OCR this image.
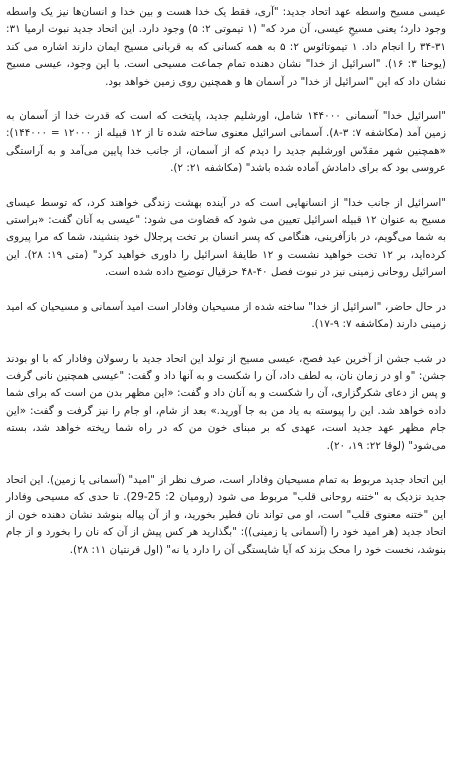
عیسی مسیح واسطه عهد اتحاد جدید: "آری، فقط یک خدا هست و بین خدا و انسان‌ها نیز یک واسطه وجود دارد؛ یعنی مسیحِ عیسی، آن مرد که" (۱ تیموتی ۲: ۵) وجود دارد. این اتحاد جدید نبوت ارمیا ۳۱: ۳۱-۳۴ را انجام داد. ۱ تیموتائوس ۲: ۵ به همه کسانی که به قربانی مسیح ایمان دارند اشاره می کند (یوحنا ۳: ۱۶). "اسرائیل از خدا" نشان دهنده تمام جماعت مسیحی است. با این وجود، عیسی مسیح نشان داد که این "اسرائیل از خدا" در آسمان ها و همچنین روی زمین خواهد بود.

"اسرائیل خدا" آسمانی ۱۴۴۰۰۰ شامل، اورشلیم جدید، پایتخت که است که قدرت خدا از آسمان به زمین آمد (مکاشفه ۷: ۳-۸). آسمانی اسرائیل معنوی ساخته شده تا از ۱۲ قبیله از ۱۲۰۰۰ = ۱۴۴۰۰۰): «همچنین شهر مقدّس اورشلیم جدید را دیدم که از آسمان، از جانب خدا پایین می‌آمد و به آراستگی عروسی بود که برای دامادش آماده شده باشد" (مکاشفه ۲۱: ۲).

"اسرائیل از جانب خدا" از انسانهایی است که در آینده بهشت زندگی خواهند کرد، که توسط عیسای مسیح به عنوان ۱۲ قبیله اسرائیل تعیین می شود که قضاوت می شود: "عیسی به آنان گفت: «براستی به شما می‌گویم، در بازآفرینی، هنگامی که پسر انسان بر تخت پرجلال خود بنشیند، شما که مرا پیروی کرده‌اید، بر ۱۲ تخت خواهید نشست و ۱۲ طایفهٔ اسرائیل را داوری خواهید کرد" (متی ۱۹: ۲۸). این اسرائیل روحانی زمینی نیز در نبوت فصل ۴۰-۴۸ حزقیال توضیح داده شده است.

در حال حاضر، "اسرائیل از خدا" ساخته شده از مسیحیان وفادار است امید آسمانی و مسیحیان که امید زمینی دارند (مکاشفه ۷: ۹-۱۷).

در شب جشن از آخرین عید فصح، عیسی مسیح از تولد این اتحاد جدید با رسولان وفادار که با او بودند جشن: "و او در زمان نان، به لطف داد، آن را شکست و به آنها داد و گفت: "عیسی همچنین نانی گرفت و پس از دعای شکرگزاری، آن را شکست و به آنان داد و گفت: «این مظهر بدن من است که برای شما داده خواهد شد. این را پیوسته به یاد من به جا آورید.» بعد از شام، او جام را نیز گرفت و گفت: «این جام مظهر عهد جدید است، عهدی که بر مبنای خون من که در راه شما ریخته خواهد شد، بسته می‌شود" (لوقا ۲۲: ۱۹، ۲۰).

این اتحاد جدید مربوط به تمام مسیحیان وفادار است، صرف نظر از "امید" (آسمانی یا زمین). این اتحاد جدید نزدیک به "ختنه روحانی قلب" مربوط می شود (رومیان 2: 25-29). تا حدی که مسیحی وفادار این "ختنه معنوی قلب" است، او می تواند نان فطیر بخورید، و از آن پیاله بنوشد نشان دهنده خون از اتحاد جدید (هر امید خود را (آسمانی یا زمینی)): "بگذارید هر کس پیش از آن که نان را بخورد و از جام بنوشد، نخست خود را محک بزند که آیا شایستگی آن را دارد یا نه" (اول قرنتیان ۱۱: ۲۸).
